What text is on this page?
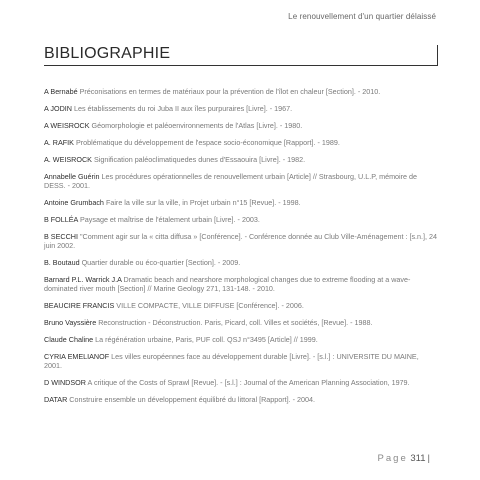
Le renouvellement d'un quartier délaissé
BIBLIOGRAPHIE

A Bernabé Préconisations en termes de matériaux pour la prévention de l'îlot en chaleur [Section]. - 2010.

A JODIN Les établissements du roi Juba II aux îles purpuraires [Livre]. - 1967.

A WEISROCK Géomorphologie et paléoenvironnements de l'Atlas [Livre]. - 1980.

A. RAFIK Problématique du développement de l'espace socio-économique [Rapport]. - 1989.

A. WEISROCK Signification paléoclimatiquedes dunes d'Essaouira [Livre]. - 1982.

Annabelle Guérin Les procédures opérationnelles de renouvellement urbain [Article] // Strasbourg, U.L.P, mémoire de DESS. - 2001.

Antoine Grumbach Faire la ville sur la ville, in Projet urbain n°15 [Revue]. - 1998.

B FOLLÉA Paysage et maîtrise de l'étalement urbain [Livre]. - 2003.

B SECCHI "Comment agir sur la « citta diffusa » [Conférence]. - Conférence donnée au Club Ville-Aménagement : [s.n.], 24 juin 2002.

B. Boutaud Quartier durable ou éco-quartier [Section]. - 2009.

Barnard P.L. Warrick J.A Dramatic beach and nearshore morphological changes due to extreme flooding at a wave-dominated river mouth [Section] // Marine Geology 271, 131-148. - 2010.

BEAUCIRE FRANCIS VILLE COMPACTE, VILLE DIFFUSE [Conférence]. - 2006.

Bruno Vayssière Reconstruction - Déconstruction. Paris, Picard, coll. Villes et sociétés, [Revue]. - 1988.

Claude Chaline La régénération urbaine, Paris, PUF coll. QSJ n°3495 [Article] // 1999.

CYRIA EMELIANOF Les villes européennes face au développement durable [Livre]. - [s.l.] : UNIVERSITE DU MAINE, 2001.

D WINDSOR A critique of the Costs of Sprawl [Revue]. - [s.l.] : Journal of the American Planning Association, 1979.

DATAR Construire ensemble un développement équilibré du littoral [Rapport]. - 2004.

Page 311 |
